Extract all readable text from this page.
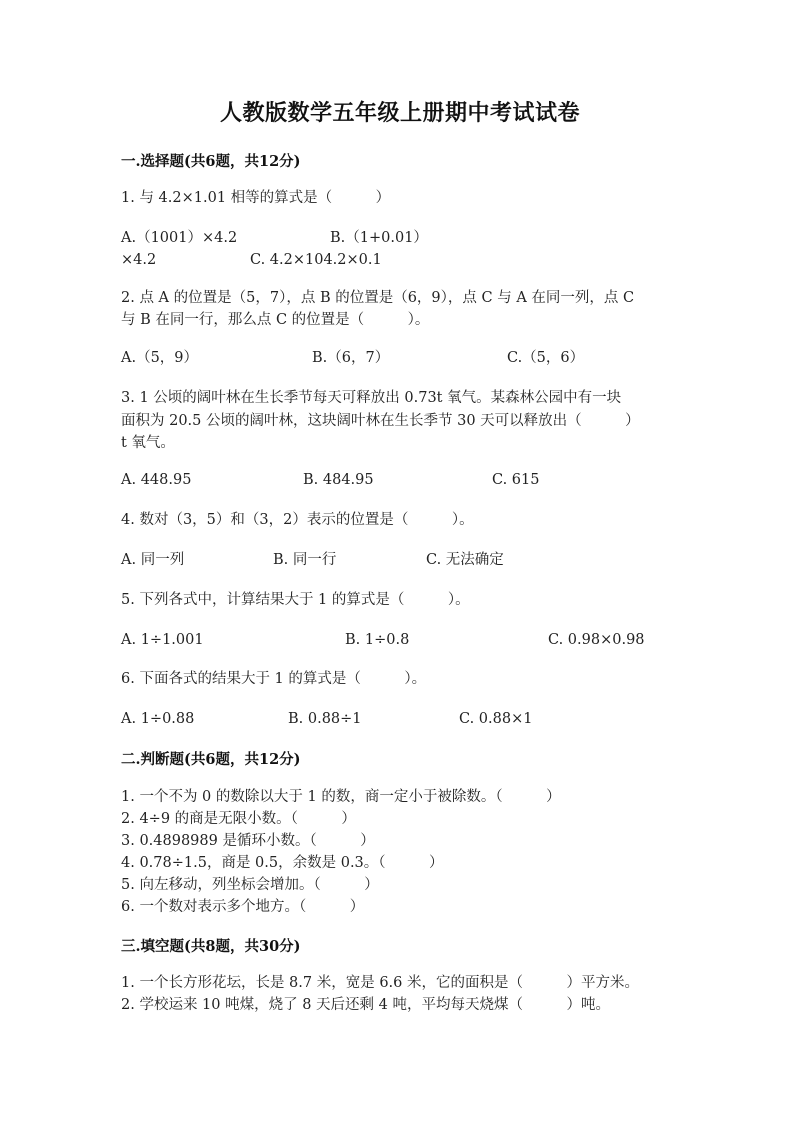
人教版数学五年级上册期中考试试卷
一.选择题(共6题，共12分)
1. 与 4.2×1.01 相等的算式是（　　　）
A.（1001）×4.2	B.（1+0.01）
×4.2	C. 4.2×104.2×0.1
2. 点 A 的位置是（5，7），点 B 的位置是（6，9），点 C 与 A 在同一列，点 C
与 B 在同一行，那么点 C 的位置是（　　　）。
A.（5，9）	B.（6，7）	C.（5，6）
3. 1 公顷的阔叶林在生长季节每天可释放出 0.73t 氧气。某森林公园中有一块
面积为 20.5 公顷的阔叶林，这块阔叶林在生长季节 30 天可以释放出（　　　）
t 氧气。
A. 448.95	B. 484.95	C. 615
4. 数对（3，5）和（3，2）表示的位置是（　　　）。
A. 同一列	B. 同一行	C. 无法确定
5. 下列各式中，计算结果大于 1 的算式是（　　　）。
A. 1÷1.001	B. 1÷0.8	C. 0.98×0.98
6. 下面各式的结果大于 1 的算式是（　　　）。
A. 1÷0.88	B. 0.88÷1	C. 0.88×1
二.判断题(共6题，共12分)
1. 一个不为 0 的数除以大于 1 的数，商一定小于被除数。（　　　）
2. 4÷9 的商是无限小数。（　　　）
3. 0.4898989 是循环小数。（　　　）
4. 0.78÷1.5，商是 0.5，余数是 0.3。（　　　）
5. 向左移动，列坐标会增加。（　　　）
6. 一个数对表示多个地方。（　　　）
三.填空题(共8题，共30分)
1. 一个长方形花坛，长是 8.7 米，宽是 6.6 米，它的面积是（　　　）平方米。
2. 学校运来 10 吨煤，烧了 8 天后还剩 4 吨，平均每天烧煤（　　　）吨。
